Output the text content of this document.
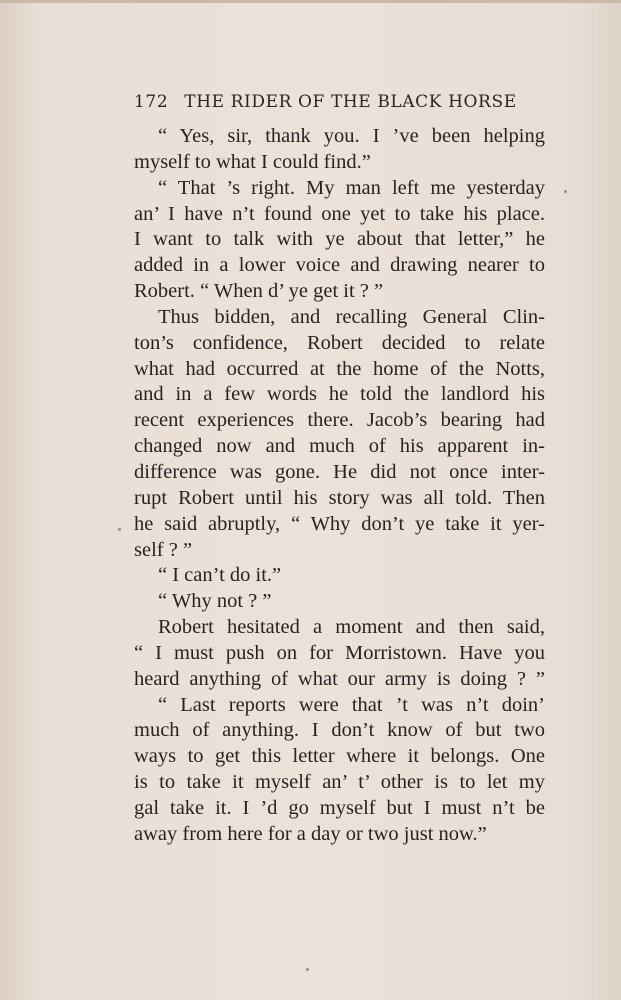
172 THE RIDER OF THE BLACK HORSE
“ Yes, sir, thank you. I ’ve been helping
myself to what I could find.”
“ That ’s right. My man left me yesterday
an’ I have n’t found one yet to take his place.
I want to talk with ye about that letter,” he
added in a lower voice and drawing nearer to
Robert. “ When d’ ye get it ? ”
Thus bidden, and recalling General Clin-
ton’s confidence, Robert decided to relate
what had occurred at the home of the Notts,
and in a few words he told the landlord his
recent experiences there. Jacob’s bearing had
changed now and much of his apparent in-
difference was gone. He did not once inter-
rupt Robert until his story was all told. Then
he said abruptly, “ Why don’t ye take it yer-
self ? ”
“ I can’t do it.”
“ Why not ? ”
Robert hesitated a moment and then said,
“ I must push on for Morristown. Have you
heard anything of what our army is doing ? ”
“ Last reports were that ’t was n’t doin’
much of anything. I don’t know of but two
ways to get this letter where it belongs. One
is to take it myself an’ t’ other is to let my
gal take it. I ’d go myself but I must n’t be
away from here for a day or two just now.”
